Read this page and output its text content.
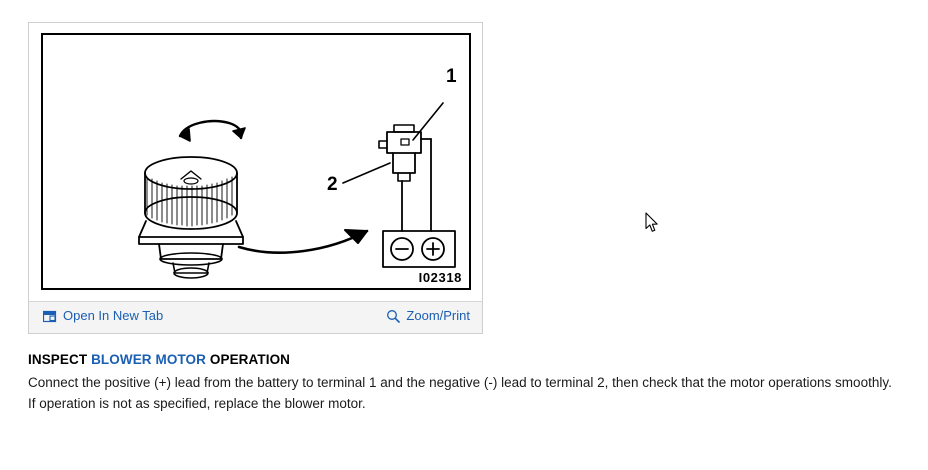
1
2
I02318
Open In New Tab	Zoom/Print

INSPECT BLOWER MOTOR OPERATION

Connect the positive (+) lead from the battery to terminal 1 and the negative (-) lead to terminal 2, then check that the motor operations smoothly.

If operation is not as specified, replace the blower motor.
